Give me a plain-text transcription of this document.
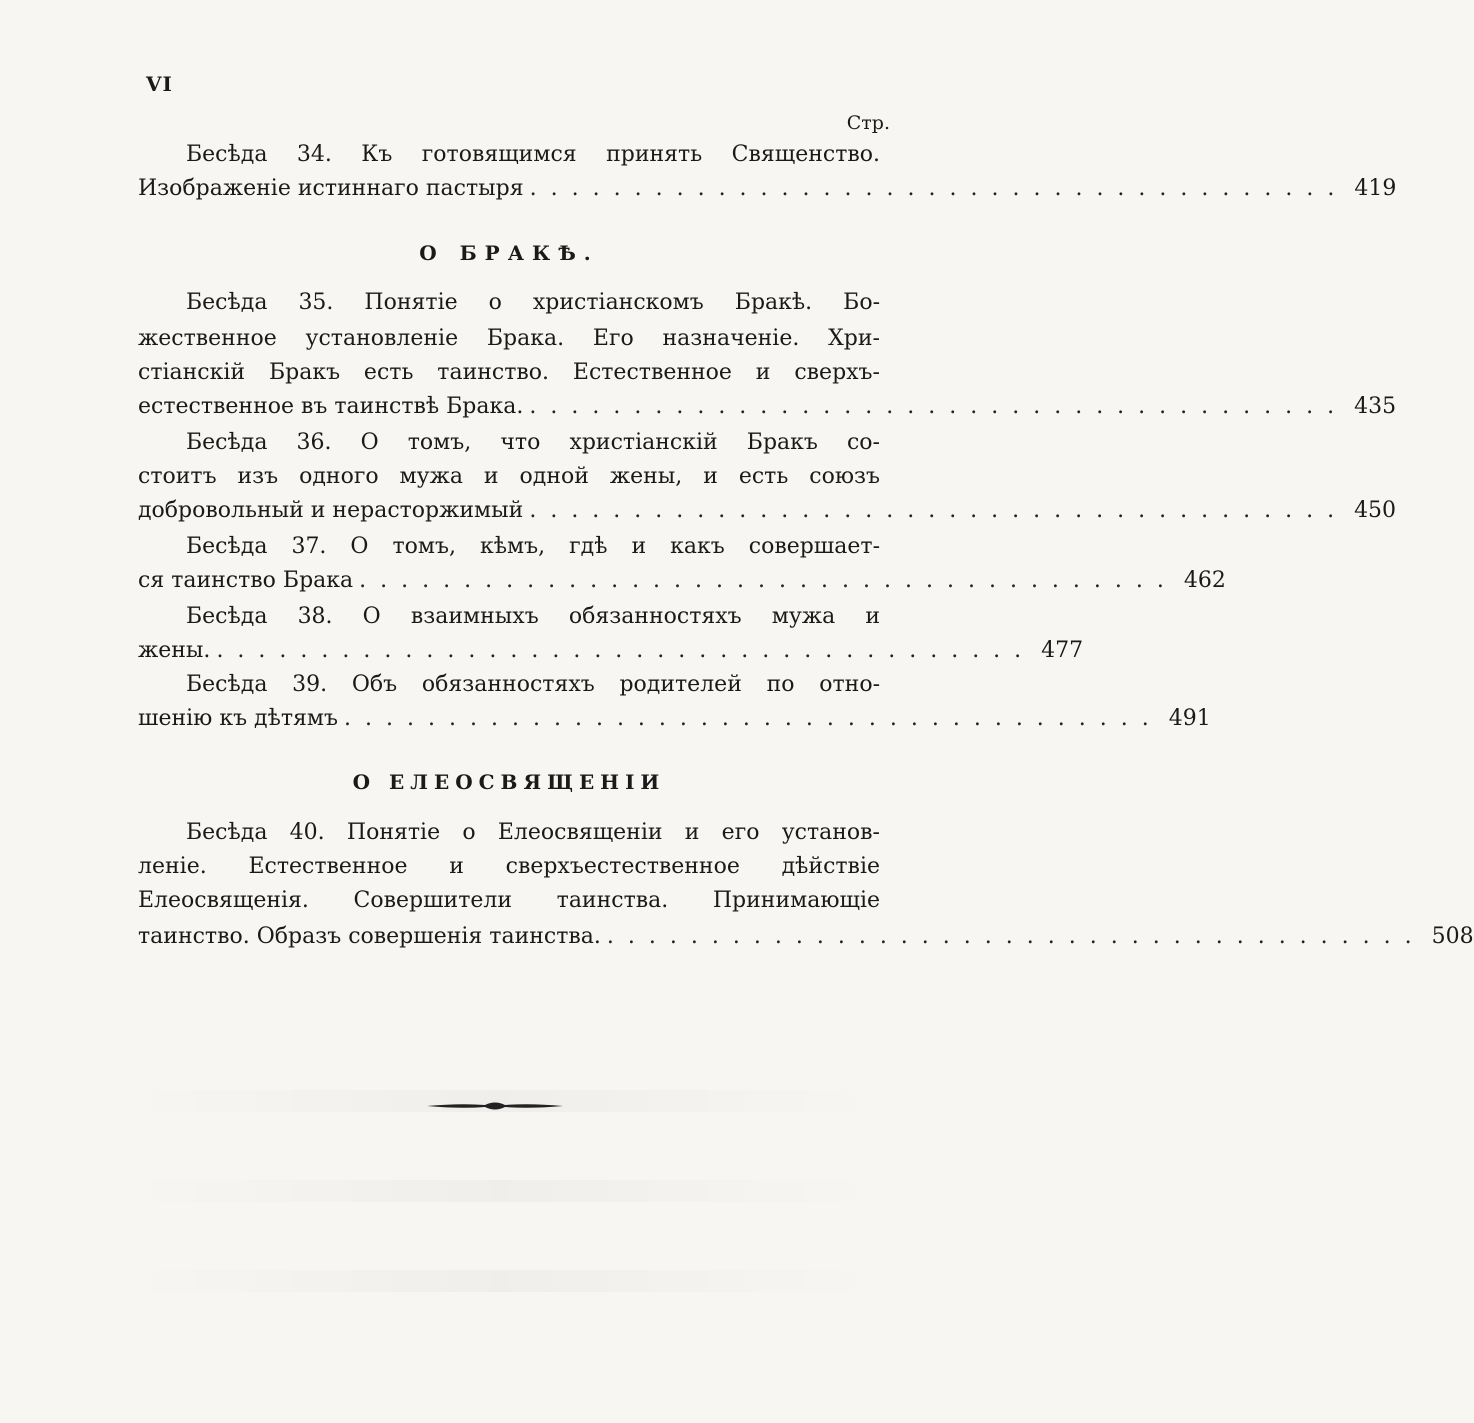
VI
Стр.
Бесѣда 34. Къ готовящимся принять Священство.
Изображеніе истиннаго пастыря ....................................... 419
О БРАКѢ.
Бесѣда 35. Понятіе о христіанскомъ Бракѣ. Бо-
жественное установленіе Брака. Его назначеніе. Хри-
стіанскій Бракъ есть таинство. Естественное и сверхъ-
естественное въ таинствѣ Брака. ....................................... 435
Бесѣда 36. О томъ, что христіанскій Бракъ со-
стоитъ изъ одного мужа и одной жены, и есть союзъ
добровольный и нерасторжимый ....................................... 450
Бесѣда 37. О томъ, кѣмъ, гдѣ и какъ совершает-
ся таинство Брака ....................................... 462
Бесѣда 38. О взаимныхъ обязанностяхъ мужа и
жены. ....................................... 477
Бесѣда 39. Объ обязанностяхъ родителей по отно-
шенію къ дѣтямъ ....................................... 491
О ЕЛЕОСВЯЩЕНІИ
Бесѣда 40. Понятіе о Елеосвященіи и его установ-
леніе. Естественное и сверхъестественное дѣйствіе
Елеосвященія. Совершители таинства. Принимающіе
таинство. Образъ совершенія таинства. ....................................... 508
